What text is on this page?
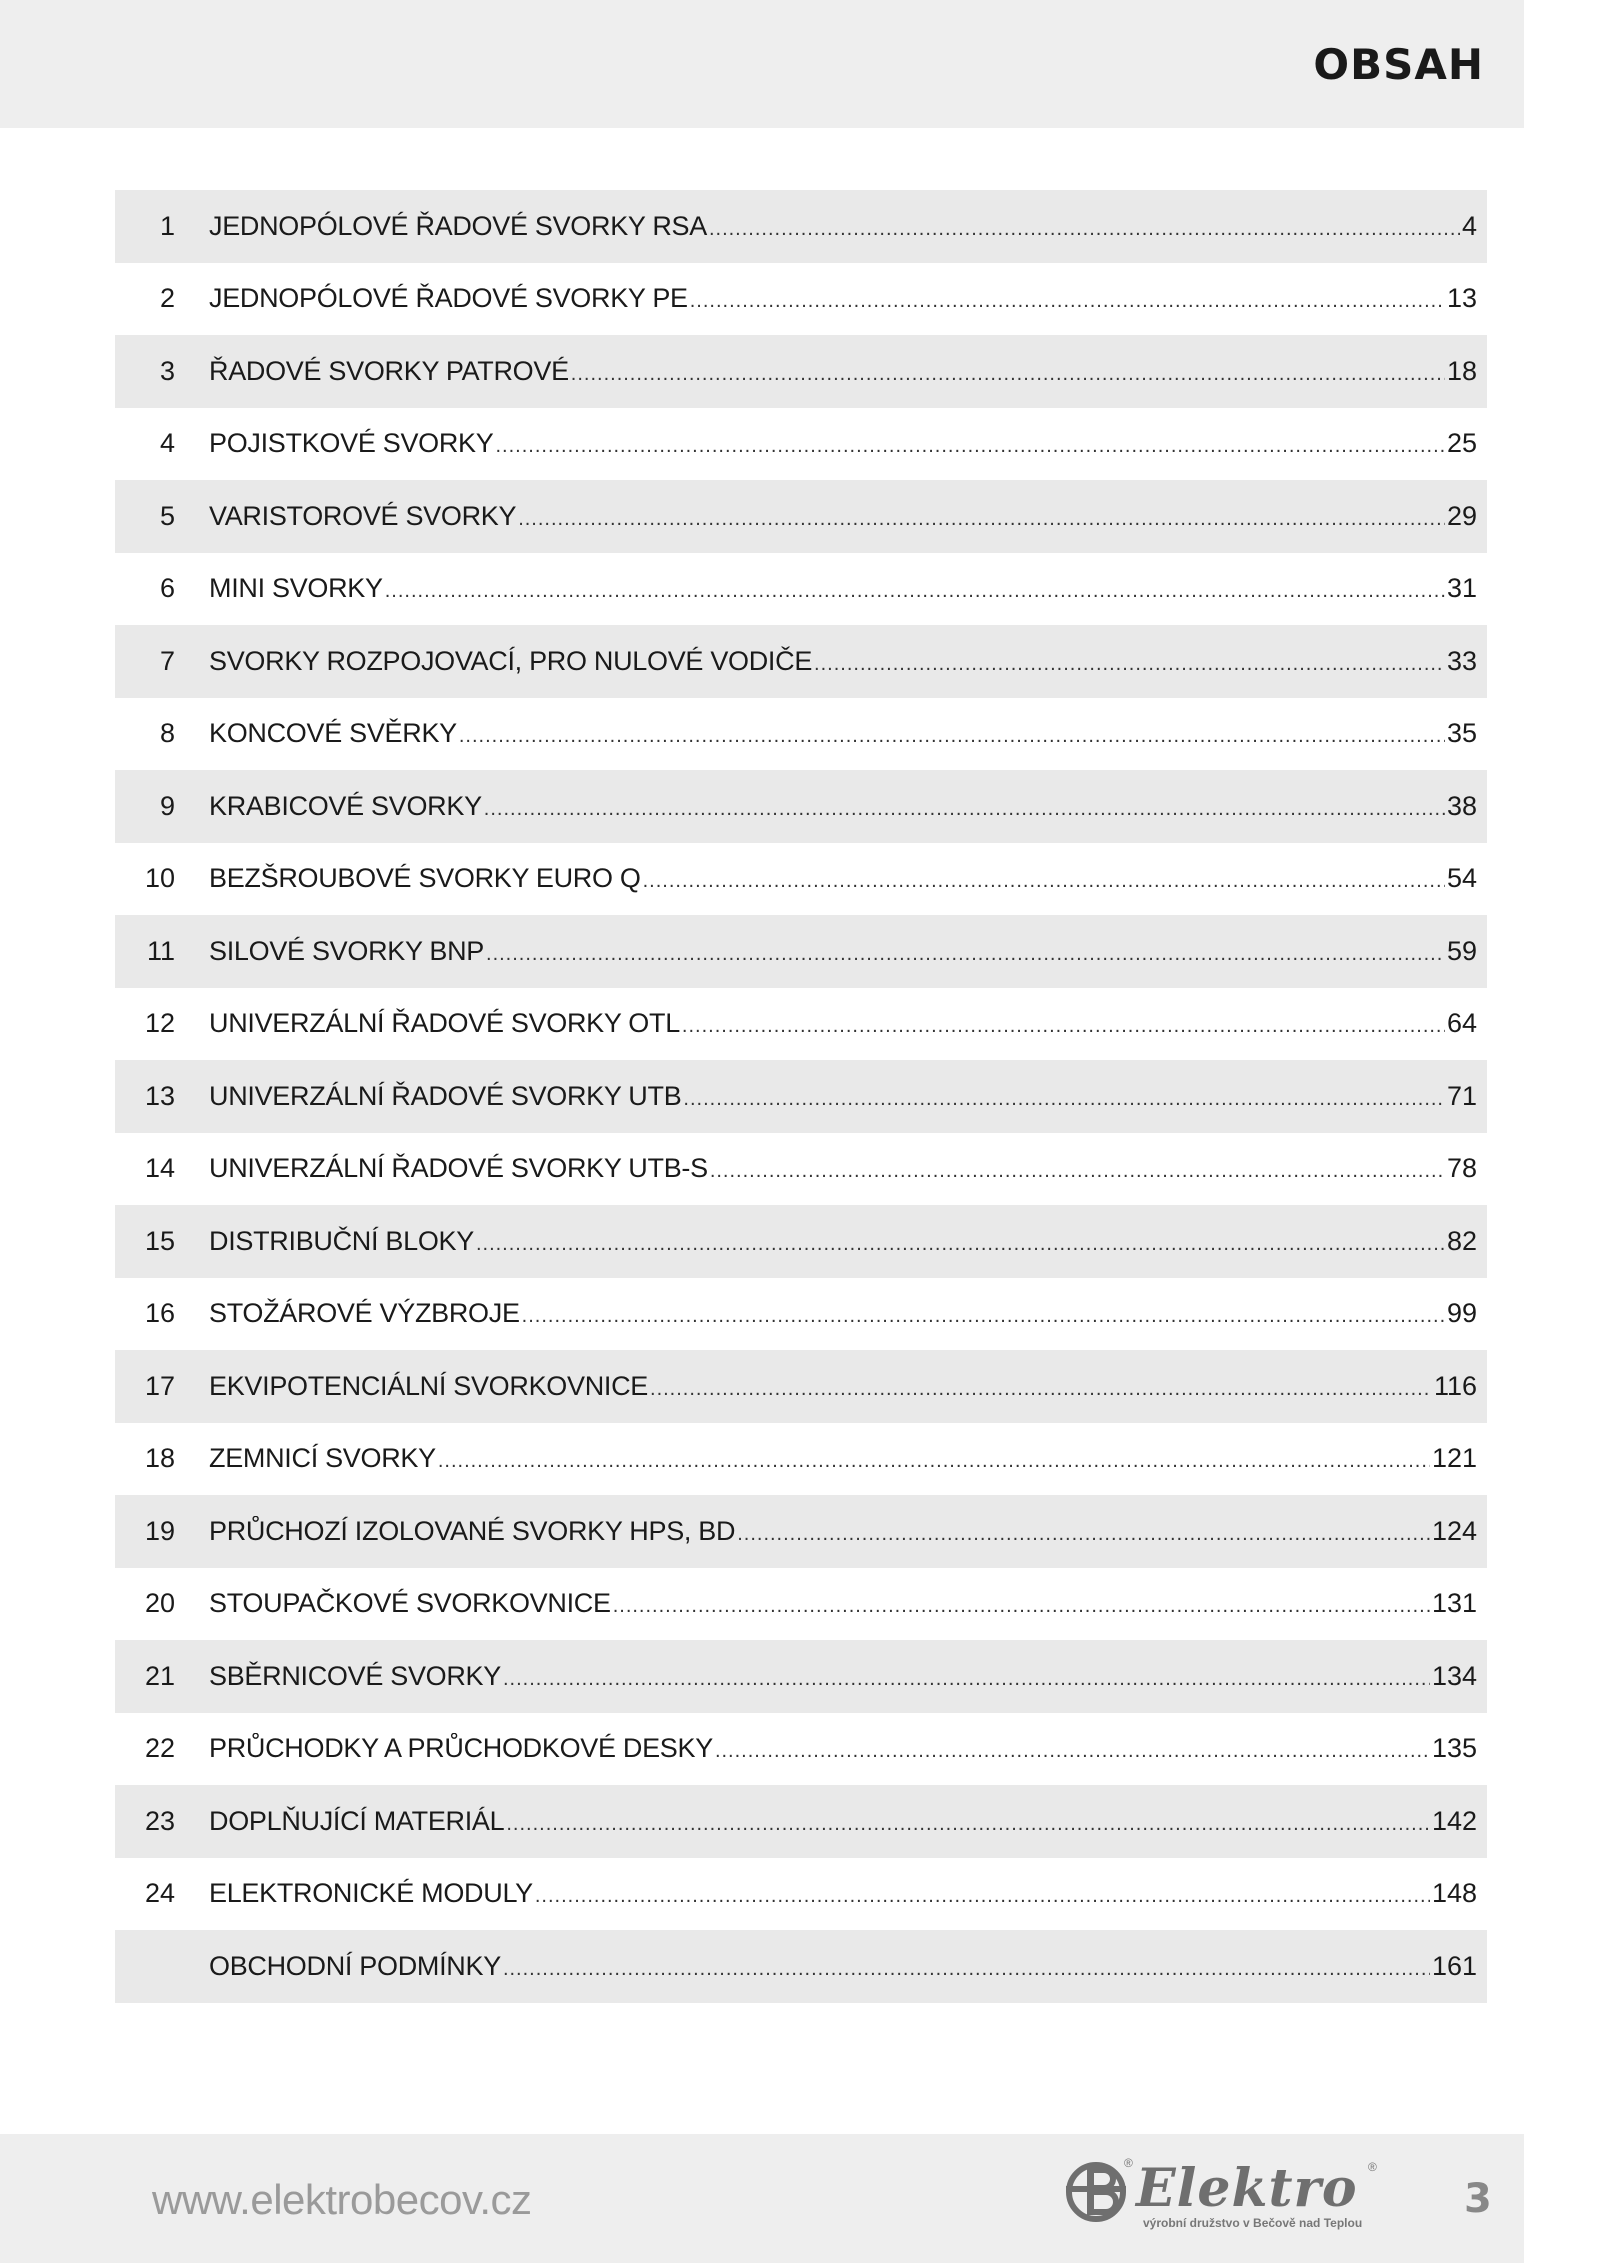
OBSAH
1 JEDNOPÓLOVÉ ŘADOVÉ SVORKY RSA .....	4
2 JEDNOPÓLOVÉ ŘADOVÉ SVORKY PE .....	13
3 ŘADOVÉ SVORKY PATROVÉ .....	18
4 POJISTKOVÉ SVORKY .....	25
5 VARISTOROVÉ SVORKY .....	29
6 MINI SVORKY .....	31
7 SVORKY ROZPOJOVACÍ, PRO NULOVÉ VODIČE .....	33
8 KONCOVÉ SVĚRKY .....	35
9 KRABICOVÉ SVORKY .....	38
10 BEZŠROUBOVÉ SVORKY EURO Q .....	54
11 SILOVÉ SVORKY BNP .....	59
12 UNIVERZÁLNÍ ŘADOVÉ SVORKY OTL .....	64
13 UNIVERZÁLNÍ ŘADOVÉ SVORKY UTB .....	71
14 UNIVERZÁLNÍ ŘADOVÉ SVORKY UTB-S .....	78
15 DISTRIBUČNÍ BLOKY .....	82
16 STOŽÁROVÉ VÝZBROJE .....	99
17 EKVIPOTENCIÁLNÍ SVORKOVNICE .....	116
18 ZEMNICÍ SVORKY .....	121
19 PRŮCHOZÍ IZOLOVANÉ SVORKY HPS, BD .....	124
20 STOUPAČKOVÉ SVORKOVNICE .....	131
21 SBĚRNICOVÉ SVORKY .....	134
22 PRŮCHODKY A PRŮCHODKOVÉ DESKY .....	135
23 DOPLŇUJÍCÍ MATERIÁL .....	142
24 ELEKTRONICKÉ MODULY .....	148
OBCHODNÍ PODMÍNKY .....	161
www.elektrobecov.cz
® Elektro ®
výrobní družstvo v Bečově nad Teplou
3
